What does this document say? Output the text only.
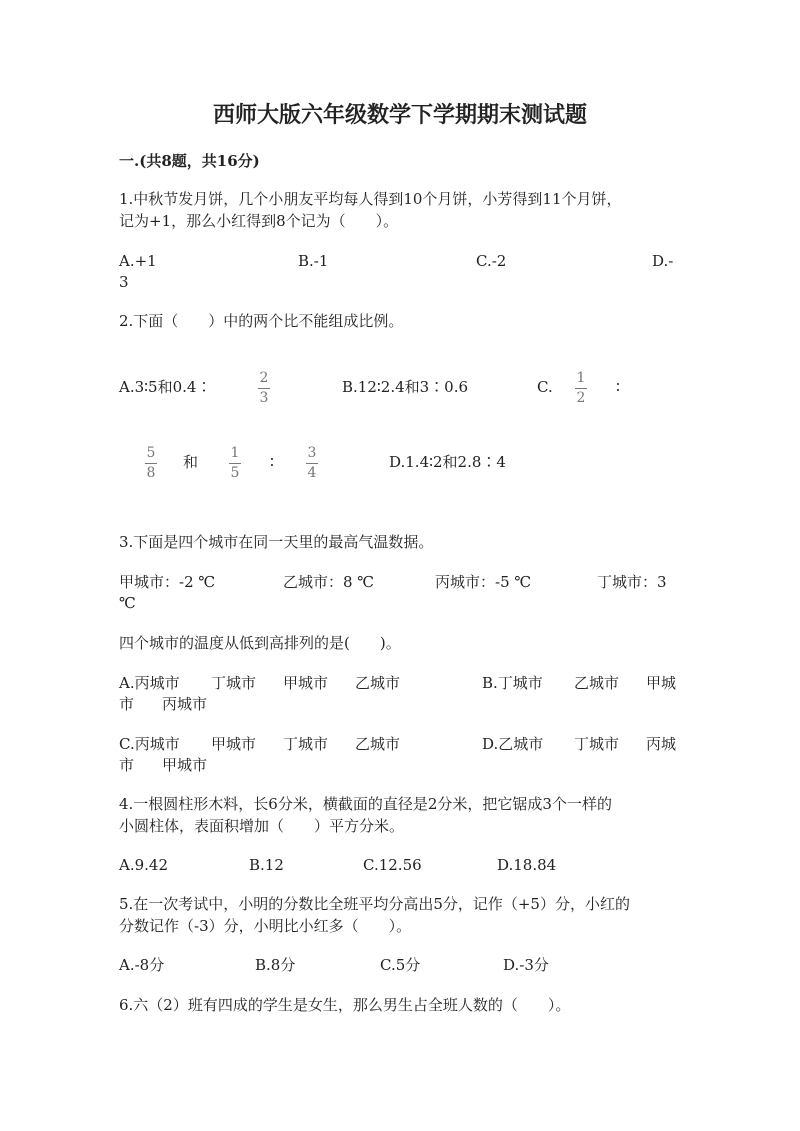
西师大版六年级数学下学期期末测试题
一.(共8题，共16分)
1.中秋节发月饼，几个小朋友平均每人得到10个月饼，小芳得到11个月饼，
记为+1，那么小红得到8个记为（　　）。
A.+1	B.-1	C.-2	D.-
3
2.下面（　　）中的两个比不能组成比例。
A.3∶5和0.4∶	2
3
B.12∶2.4和3∶0.6	C. 1
2
∶
5
8
和 1
5
∶ 3
4
D.1.4∶2和2.8∶4
3.下面是四个城市在同一天里的最高气温数据。
甲城市：-2 ℃	乙城市：8 ℃	丙城市：-5 ℃	丁城市：3
℃
四个城市的温度从低到高排列的是(　　)。
A.丙城市 丁城市 甲城市 乙城市	B.丁城市 乙城市 甲城
市 丙城市
C.丙城市 甲城市 丁城市 乙城市	D.乙城市 丁城市 丙城
市 甲城市
4.一根圆柱形木料，长6分米，横截面的直径是2分米，把它锯成3个一样的
小圆柱体，表面积增加（　　）平方分米。
A.9.42	B.12	C.12.56	D.18.84
5.在一次考试中，小明的分数比全班平均分高出5分，记作（+5）分，小红的
分数记作（-3）分，小明比小红多（　　）。
A.-8分	B.8分	C.5分	D.-3分
6.六（2）班有四成的学生是女生，那么男生占全班人数的（　　）。
